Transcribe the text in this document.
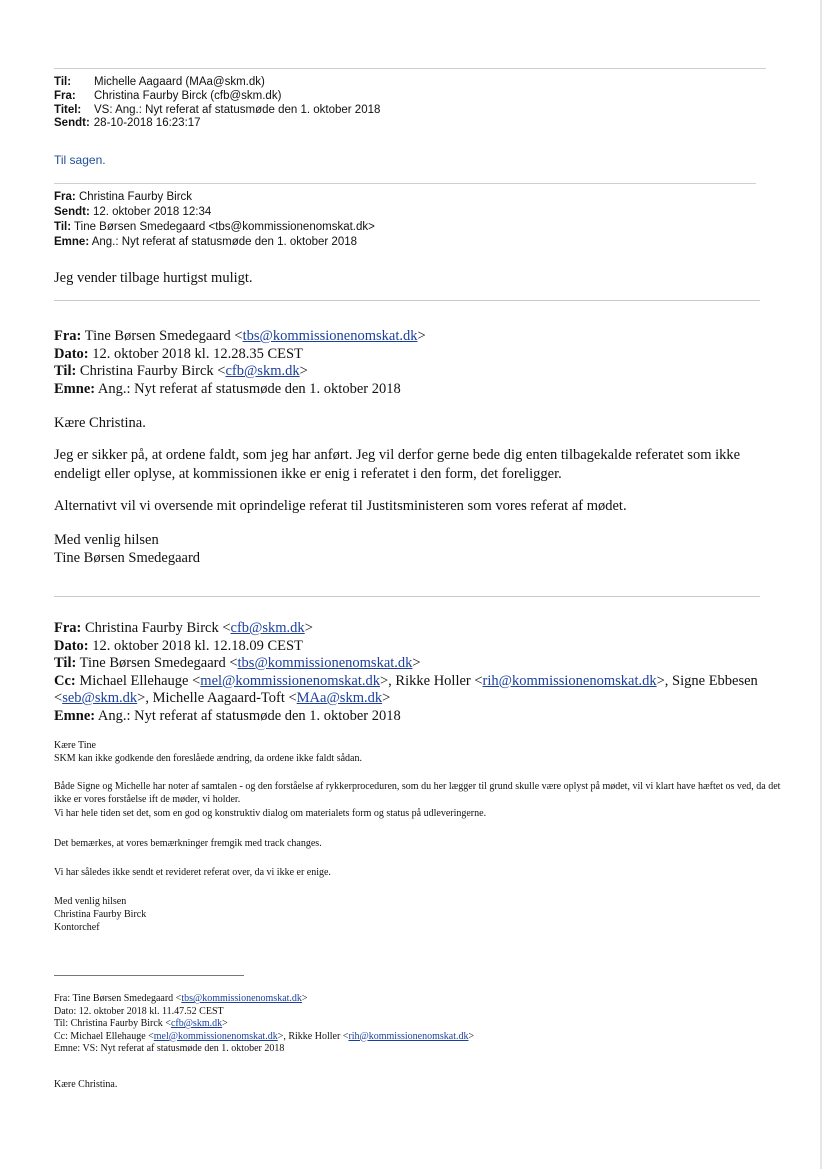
Til:	Michelle Aagaard (MAa@skm.dk)
Fra:	Christina Faurby Birck (cfb@skm.dk)
Titel:	VS: Ang.: Nyt referat af statusmøde den 1. oktober 2018
Sendt: 28-10-2018 16:23:17
Til sagen.
Fra: Christina Faurby Birck
Sendt: 12. oktober 2018 12:34
Til: Tine Børsen Smedegaard <tbs@kommissionenomskat.dk>
Emne: Ang.: Nyt referat af statusmøde den 1. oktober 2018
Jeg vender tilbage hurtigst muligt.
Fra: Tine Børsen Smedegaard <tbs@kommissionenomskat.dk>
Dato: 12. oktober 2018 kl. 12.28.35 CEST
Til: Christina Faurby Birck <cfb@skm.dk>
Emne: Ang.: Nyt referat af statusmøde den 1. oktober 2018
Kære Christina.
Jeg er sikker på, at ordene faldt, som jeg har anført. Jeg vil derfor gerne bede dig enten tilbagekalde referatet som ikke endeligt eller oplyse, at kommissionen ikke er enig i referatet i den form, det foreligger.
Alternativt vil vi oversende mit oprindelige referat til Justitsministeren som vores referat af mødet.
Med venlig hilsen
Tine Børsen Smedegaard
Fra: Christina Faurby Birck <cfb@skm.dk>
Dato: 12. oktober 2018 kl. 12.18.09 CEST
Til: Tine Børsen Smedegaard <tbs@kommissionenomskat.dk>
Cc: Michael Ellehauge <mel@kommissionenomskat.dk>, Rikke Holler <rih@kommissionenomskat.dk>, Signe Ebbesen <seb@skm.dk>, Michelle Aagaard-Toft <MAa@skm.dk>
Emne: Ang.: Nyt referat af statusmøde den 1. oktober 2018
Kære Tine
SKM kan ikke godkende den foreslåede ændring, da ordene ikke faldt sådan.
Både Signe og Michelle har noter af samtalen - og den forståelse af rykkerproceduren, som du her lægger til grund skulle være oplyst på mødet, vil vi klart have hæftet os ved, da det ikke er vores forståelse ift de møder, vi holder.
Vi har hele tiden set det, som en god og konstruktiv dialog om materialets form og status på udleveringerne.
Det bemærkes, at vores bemærkninger fremgik med track changes.
Vi har således ikke sendt et revideret referat over, da vi ikke er enige.
Med venlig hilsen
Christina Faurby Birck
Kontorchef
Fra: Tine Børsen Smedegaard <tbs@kommissionenomskat.dk>
Dato: 12. oktober 2018 kl. 11.47.52 CEST
Til: Christina Faurby Birck <cfb@skm.dk>
Cc: Michael Ellehauge <mel@kommissionenomskat.dk>, Rikke Holler <rih@kommissionenomskat.dk>
Emne: VS: Nyt referat af statusmøde den 1. oktober 2018
Kære Christina.
